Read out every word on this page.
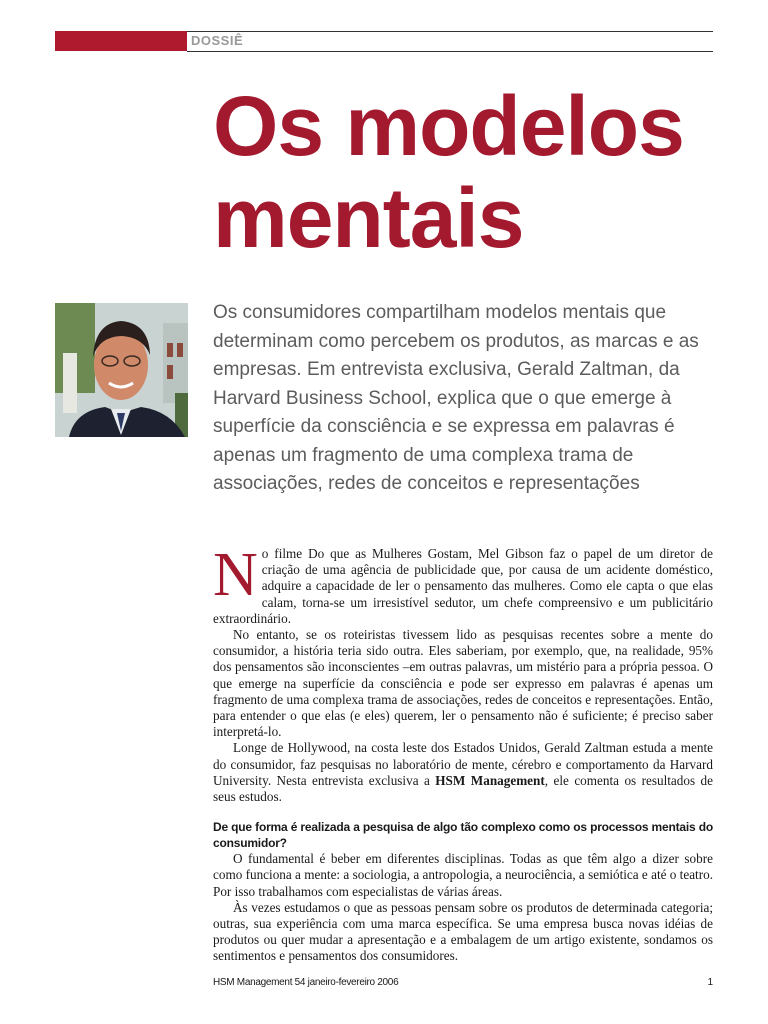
DOSSIÊ
Os modelos mentais

Os consumidores compartilham modelos mentais que determinam como percebem os produtos, as marcas e as empresas. Em entrevista exclusiva, Gerald Zaltman, da Harvard Business School, explica que o que emerge à superfície da consciência e se expressa em palavras é apenas um fragmento de uma complexa trama de associações, redes de conceitos e representações

No filme Do que as Mulheres Gostam, Mel Gibson faz o papel de um diretor de criação de uma agência de publicidade que, por causa de um acidente doméstico, adquire a capacidade de ler o pensamento das mulheres. Como ele capta o que elas calam, torna-se um irresistível sedutor, um chefe compreensivo e um publicitário extraordinário.

No entanto, se os roteiristas tivessem lido as pesquisas recentes sobre a mente do consumidor, a história teria sido outra. Eles saberiam, por exemplo, que, na realidade, 95% dos pensamentos são inconscientes –em outras palavras, um mistério para a própria pessoa. O que emerge na superfície da consciência e pode ser expresso em palavras é apenas um fragmento de uma complexa trama de associações, redes de conceitos e representações. Então, para entender o que elas (e eles) querem, ler o pensamento não é suficiente; é preciso saber interpretá-lo.

Longe de Hollywood, na costa leste dos Estados Unidos, Gerald Zaltman estuda a mente do consumidor, faz pesquisas no laboratório de mente, cérebro e comportamento da Harvard University. Nesta entrevista exclusiva a HSM Management, ele comenta os resultados de seus estudos.

De que forma é realizada a pesquisa de algo tão complexo como os processos mentais do consumidor?

O fundamental é beber em diferentes disciplinas. Todas as que têm algo a dizer sobre como funciona a mente: a sociologia, a antropologia, a neurociência, a semiótica e até o teatro. Por isso trabalhamos com especialistas de várias áreas.

Às vezes estudamos o que as pessoas pensam sobre os produtos de determinada categoria; outras, sua experiência com uma marca específica. Se uma empresa busca novas idéias de produtos ou quer mudar a apresentação e a embalagem de um artigo existente, sondamos os sentimentos e pensamentos dos consumidores.

HSM Management 54 janeiro-fevereiro 2006	1
